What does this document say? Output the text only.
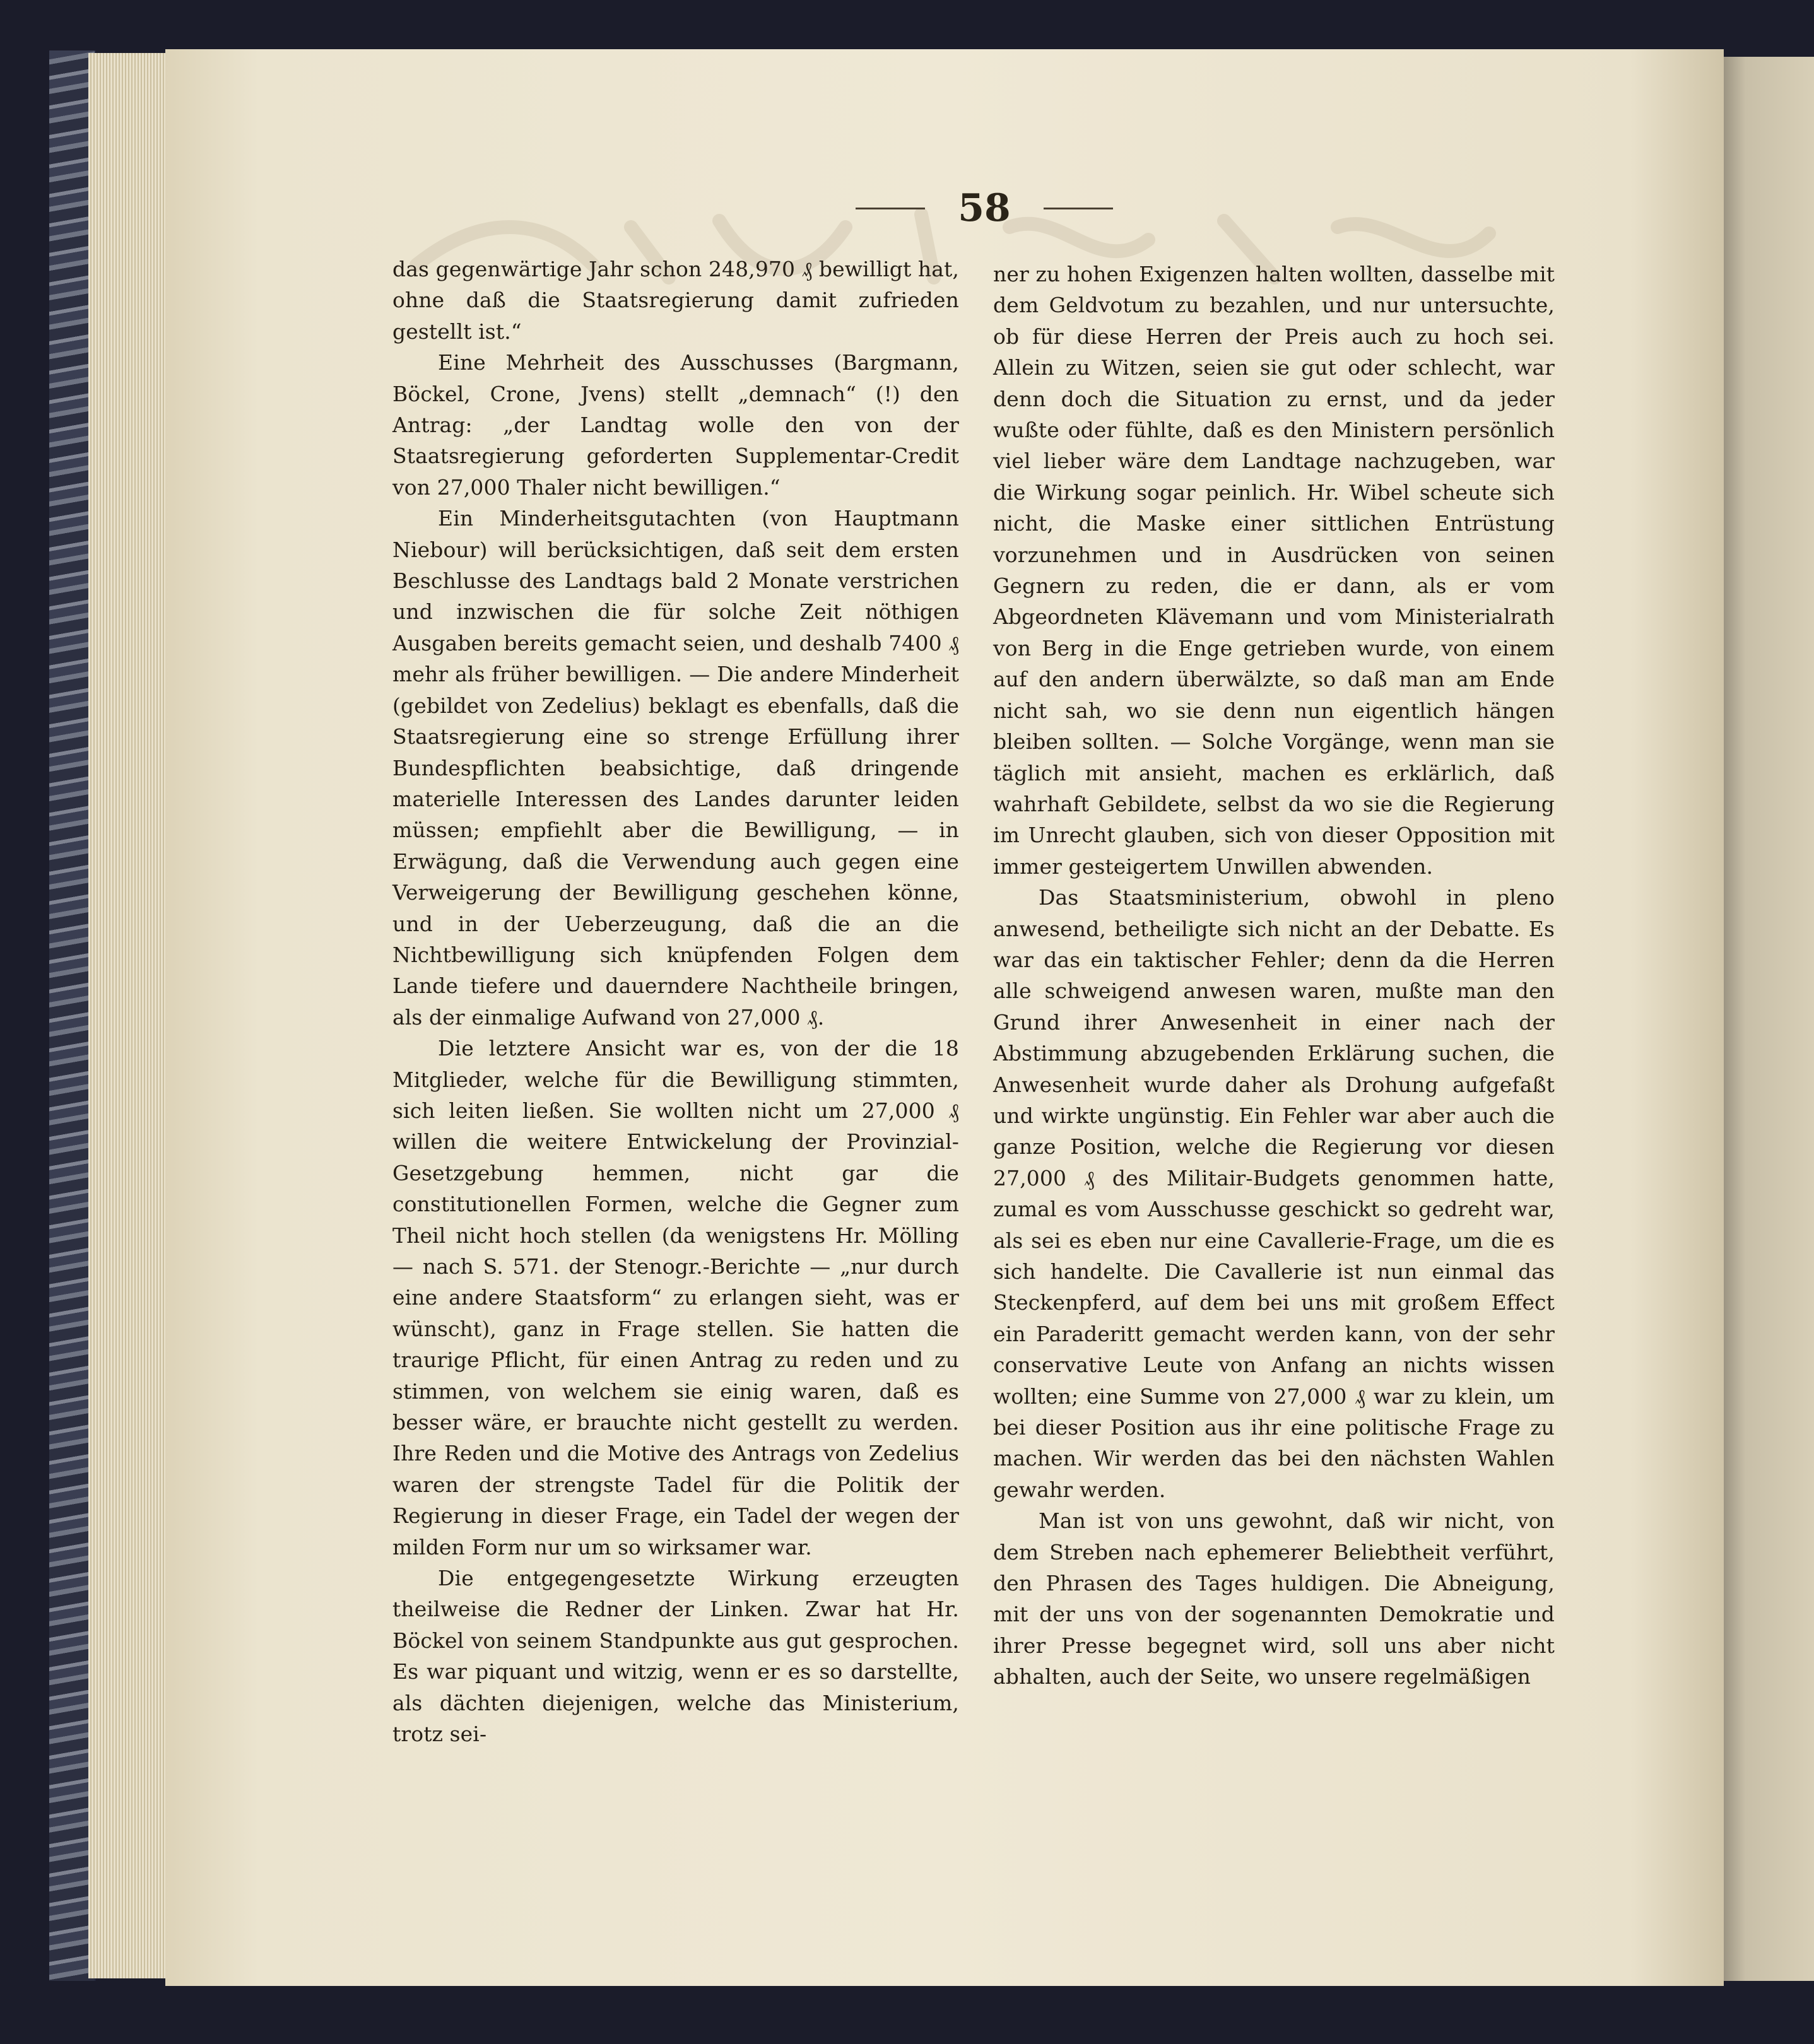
58

das gegenwärtige Jahr schon 248,970 ₰ bewilligt hat, ohne daß die Staatsregierung damit zufrieden gestellt ist.“

Eine Mehrheit des Ausschusses (Bargmann, Böckel, Crone, Jvens) stellt „demnach“ (!) den Antrag: „der Landtag wolle den von der Staatsregierung geforderten Supplementar-Credit von 27,000 Thaler nicht bewilligen.“

Ein Minderheitsgutachten (von Hauptmann Niebour) will berücksichtigen, daß seit dem ersten Beschlusse des Landtags bald 2 Monate verstrichen und inzwischen die für solche Zeit nöthigen Ausgaben bereits gemacht seien, und deshalb 7400 ₰ mehr als früher bewilligen. — Die andere Minderheit (gebildet von Zedelius) beklagt es ebenfalls, daß die Staatsregierung eine so strenge Erfüllung ihrer Bundespflichten beabsichtige, daß dringende materielle Interessen des Landes darunter leiden müssen; empfiehlt aber die Bewilligung, — in Erwägung, daß die Verwendung auch gegen eine Verweigerung der Bewilligung geschehen könne, und in der Ueberzeugung, daß die an die Nichtbewilligung sich knüpfenden Folgen dem Lande tiefere und dauerndere Nachtheile bringen, als der einmalige Aufwand von 27,000 ₰.

Die letztere Ansicht war es, von der die 18 Mitglieder, welche für die Bewilligung stimmten, sich leiten ließen. Sie wollten nicht um 27,000 ₰ willen die weitere Entwickelung der Provinzial-Gesetzgebung hemmen, nicht gar die constitutionellen Formen, welche die Gegner zum Theil nicht hoch stellen (da wenigstens Hr. Mölling — nach S. 571. der Stenogr.-Berichte — „nur durch eine andere Staatsform“ zu erlangen sieht, was er wünscht), ganz in Frage stellen. Sie hatten die traurige Pflicht, für einen Antrag zu reden und zu stimmen, von welchem sie einig waren, daß es besser wäre, er brauchte nicht gestellt zu werden. Ihre Reden und die Motive des Antrags von Zedelius waren der strengste Tadel für die Politik der Regierung in dieser Frage, ein Tadel der wegen der milden Form nur um so wirksamer war.

Die entgegengesetzte Wirkung erzeugten theilweise die Redner der Linken. Zwar hat Hr. Böckel von seinem Standpunkte aus gut gesprochen. Es war piquant und witzig, wenn er es so darstellte, als dächten diejenigen, welche das Ministerium, trotz sei-

ner zu hohen Exigenzen halten wollten, dasselbe mit dem Geldvotum zu bezahlen, und nur untersuchte, ob für diese Herren der Preis auch zu hoch sei. Allein zu Witzen, seien sie gut oder schlecht, war denn doch die Situation zu ernst, und da jeder wußte oder fühlte, daß es den Ministern persönlich viel lieber wäre dem Landtage nachzugeben, war die Wirkung sogar peinlich. Hr. Wibel scheute sich nicht, die Maske einer sittlichen Entrüstung vorzunehmen und in Ausdrücken von seinen Gegnern zu reden, die er dann, als er vom Abgeordneten Klävemann und vom Ministerialrath von Berg in die Enge getrieben wurde, von einem auf den andern überwälzte, so daß man am Ende nicht sah, wo sie denn nun eigentlich hängen bleiben sollten. — Solche Vorgänge, wenn man sie täglich mit ansieht, machen es erklärlich, daß wahrhaft Gebildete, selbst da wo sie die Regierung im Unrecht glauben, sich von dieser Opposition mit immer gesteigertem Unwillen abwenden.

Das Staatsministerium, obwohl in pleno anwesend, betheiligte sich nicht an der Debatte. Es war das ein taktischer Fehler; denn da die Herren alle schweigend anwesen waren, mußte man den Grund ihrer Anwesenheit in einer nach der Abstimmung abzugebenden Erklärung suchen, die Anwesenheit wurde daher als Drohung aufgefaßt und wirkte ungünstig. Ein Fehler war aber auch die ganze Position, welche die Regierung vor diesen 27,000 ₰ des Militair-Budgets genommen hatte, zumal es vom Ausschusse geschickt so gedreht war, als sei es eben nur eine Cavallerie-Frage, um die es sich handelte. Die Cavallerie ist nun einmal das Steckenpferd, auf dem bei uns mit großem Effect ein Paraderitt gemacht werden kann, von der sehr conservative Leute von Anfang an nichts wissen wollten; eine Summe von 27,000 ₰ war zu klein, um bei dieser Position aus ihr eine politische Frage zu machen. Wir werden das bei den nächsten Wahlen gewahr werden.

Man ist von uns gewohnt, daß wir nicht, von dem Streben nach ephemerer Beliebtheit verführt, den Phrasen des Tages huldigen. Die Abneigung, mit der uns von der sogenannten Demokratie und ihrer Presse begegnet wird, soll uns aber nicht abhalten, auch der Seite, wo unsere regelmäßigen
